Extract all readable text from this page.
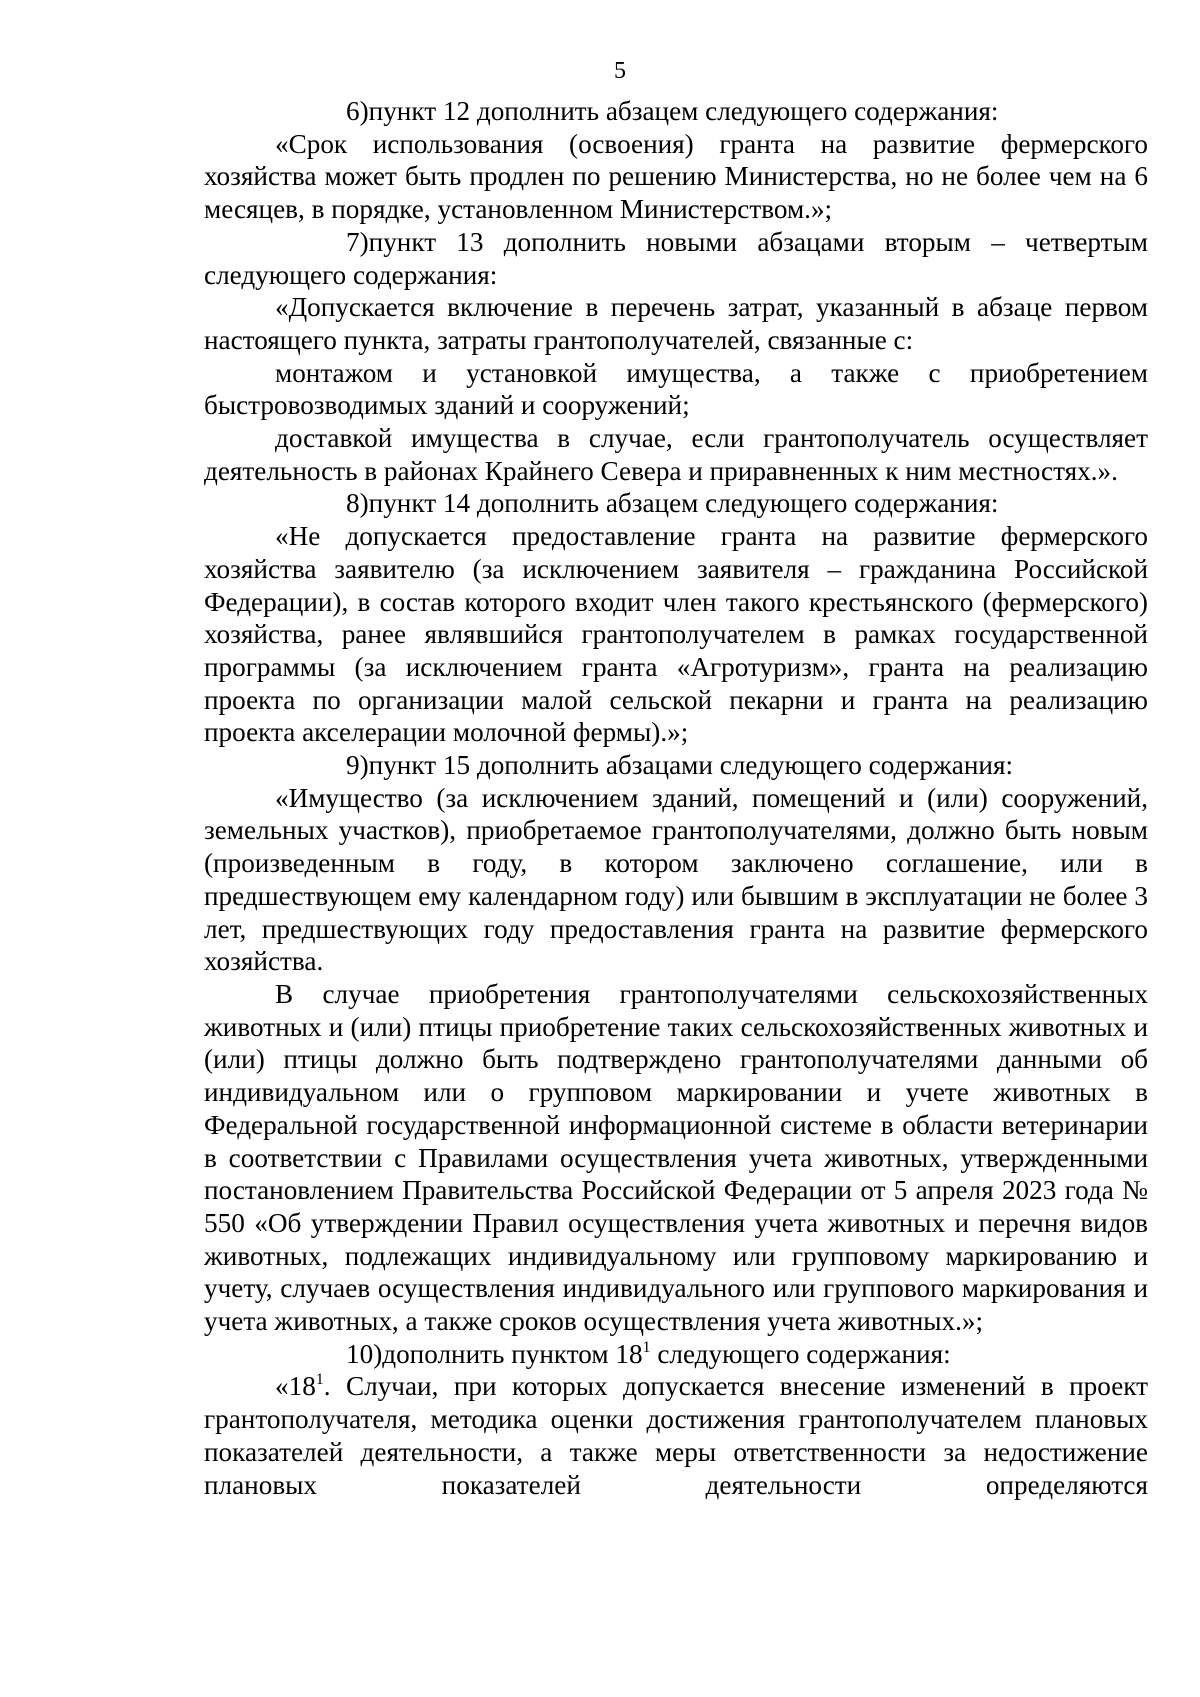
5

6)пункт 12 дополнить абзацем следующего содержания:

«Срок использования (освоения) гранта на развитие фермерского хозяйства может быть продлен по решению Министерства, но не более чем на 6 месяцев, в порядке, установленном Министерством.»;

7)пункт 13 дополнить новыми абзацами вторым – четвертым следующего содержания:

«Допускается включение в перечень затрат, указанный в абзаце первом настоящего пункта, затраты грантополучателей, связанные с:

монтажом и установкой имущества, а также с приобретением быстровозводимых зданий и сооружений;

доставкой имущества в случае, если грантополучатель осуществляет деятельность в районах Крайнего Севера и приравненных к ним местностях.».

8)пункт 14 дополнить абзацем следующего содержания:

«Не допускается предоставление гранта на развитие фермерского хозяйства заявителю (за исключением заявителя – гражданина Российской Федерации), в состав которого входит член такого крестьянского (фермерского) хозяйства, ранее являвшийся грантополучателем в рамках государственной программы (за исключением гранта «Агротуризм», гранта на реализацию проекта по организации малой сельской пекарни и гранта на реализацию проекта акселерации молочной фермы).»;

9)пункт 15 дополнить абзацами следующего содержания:

«Имущество (за исключением зданий, помещений и (или) сооружений, земельных участков), приобретаемое грантополучателями, должно быть новым (произведенным в году, в котором заключено соглашение, или в предшествующем ему календарном году) или бывшим в эксплуатации не более 3 лет, предшествующих году предоставления гранта на развитие фермерского хозяйства.

В случае приобретения грантополучателями сельскохозяйственных животных и (или) птицы приобретение таких сельскохозяйственных животных и (или) птицы должно быть подтверждено грантополучателями данными об индивидуальном или о групповом маркировании и учете животных в Федеральной государственной информационной системе в области ветеринарии в соответствии с Правилами осуществления учета животных, утвержденными постановлением Правительства Российской Федерации от 5 апреля 2023 года № 550 «Об утверждении Правил осуществления учета животных и перечня видов животных, подлежащих индивидуальному или групповому маркированию и учету, случаев осуществления индивидуального или группового маркирования и учета животных, а также сроков осуществления учета животных.»;

10)дополнить пунктом $18^1$ следующего содержания:

«$18^1$. Случаи, при которых допускается внесение изменений в проект грантополучателя, методика оценки достижения грантополучателем плановых показателей деятельности, а также меры ответственности за недостижение плановых показателей деятельности определяются
